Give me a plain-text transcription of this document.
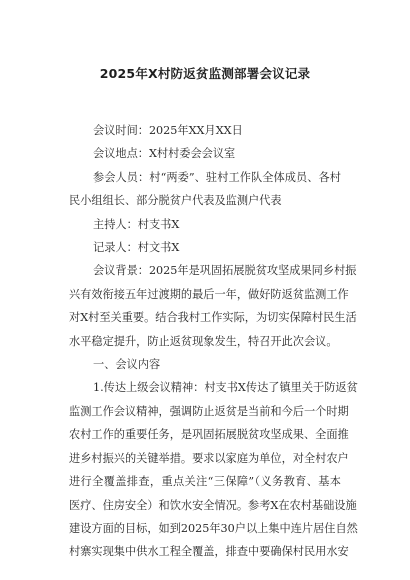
2025年X村防返贫监测部署会议记录
会议时间：2025年XX月XX日
会议地点：X村村委会会议室
参会人员：村“两委”、驻村工作队全体成员、各村
民小组组长、部分脱贫户代表及监测户代表
主持人：村支书X
记录人：村文书X
会议背景：2025年是巩固拓展脱贫攻坚成果同乡村振
兴有效衔接五年过渡期的最后一年，做好防返贫监测工作
对X村至关重要。结合我村工作实际，为切实保障村民生活
水平稳定提升，防止返贫现象发生，特召开此次会议。
一、会议内容
1.传达上级会议精神：村支书X传达了镇里关于防返贫
监测工作会议精神，强调防止返贫是当前和今后一个时期
农村工作的重要任务，是巩固拓展脱贫攻坚成果、全面推
进乡村振兴的关键举措。要求以家庭为单位，对全村农户
进行全覆盖排查，重点关注“三保障”（义务教育、基本
医疗、住房安全）和饮水安全情况。参考X在农村基础设施
建设方面的目标，如到2025年30户以上集中连片居住自然
村寨实现集中供水工程全覆盖，排查中要确保村民用水安
